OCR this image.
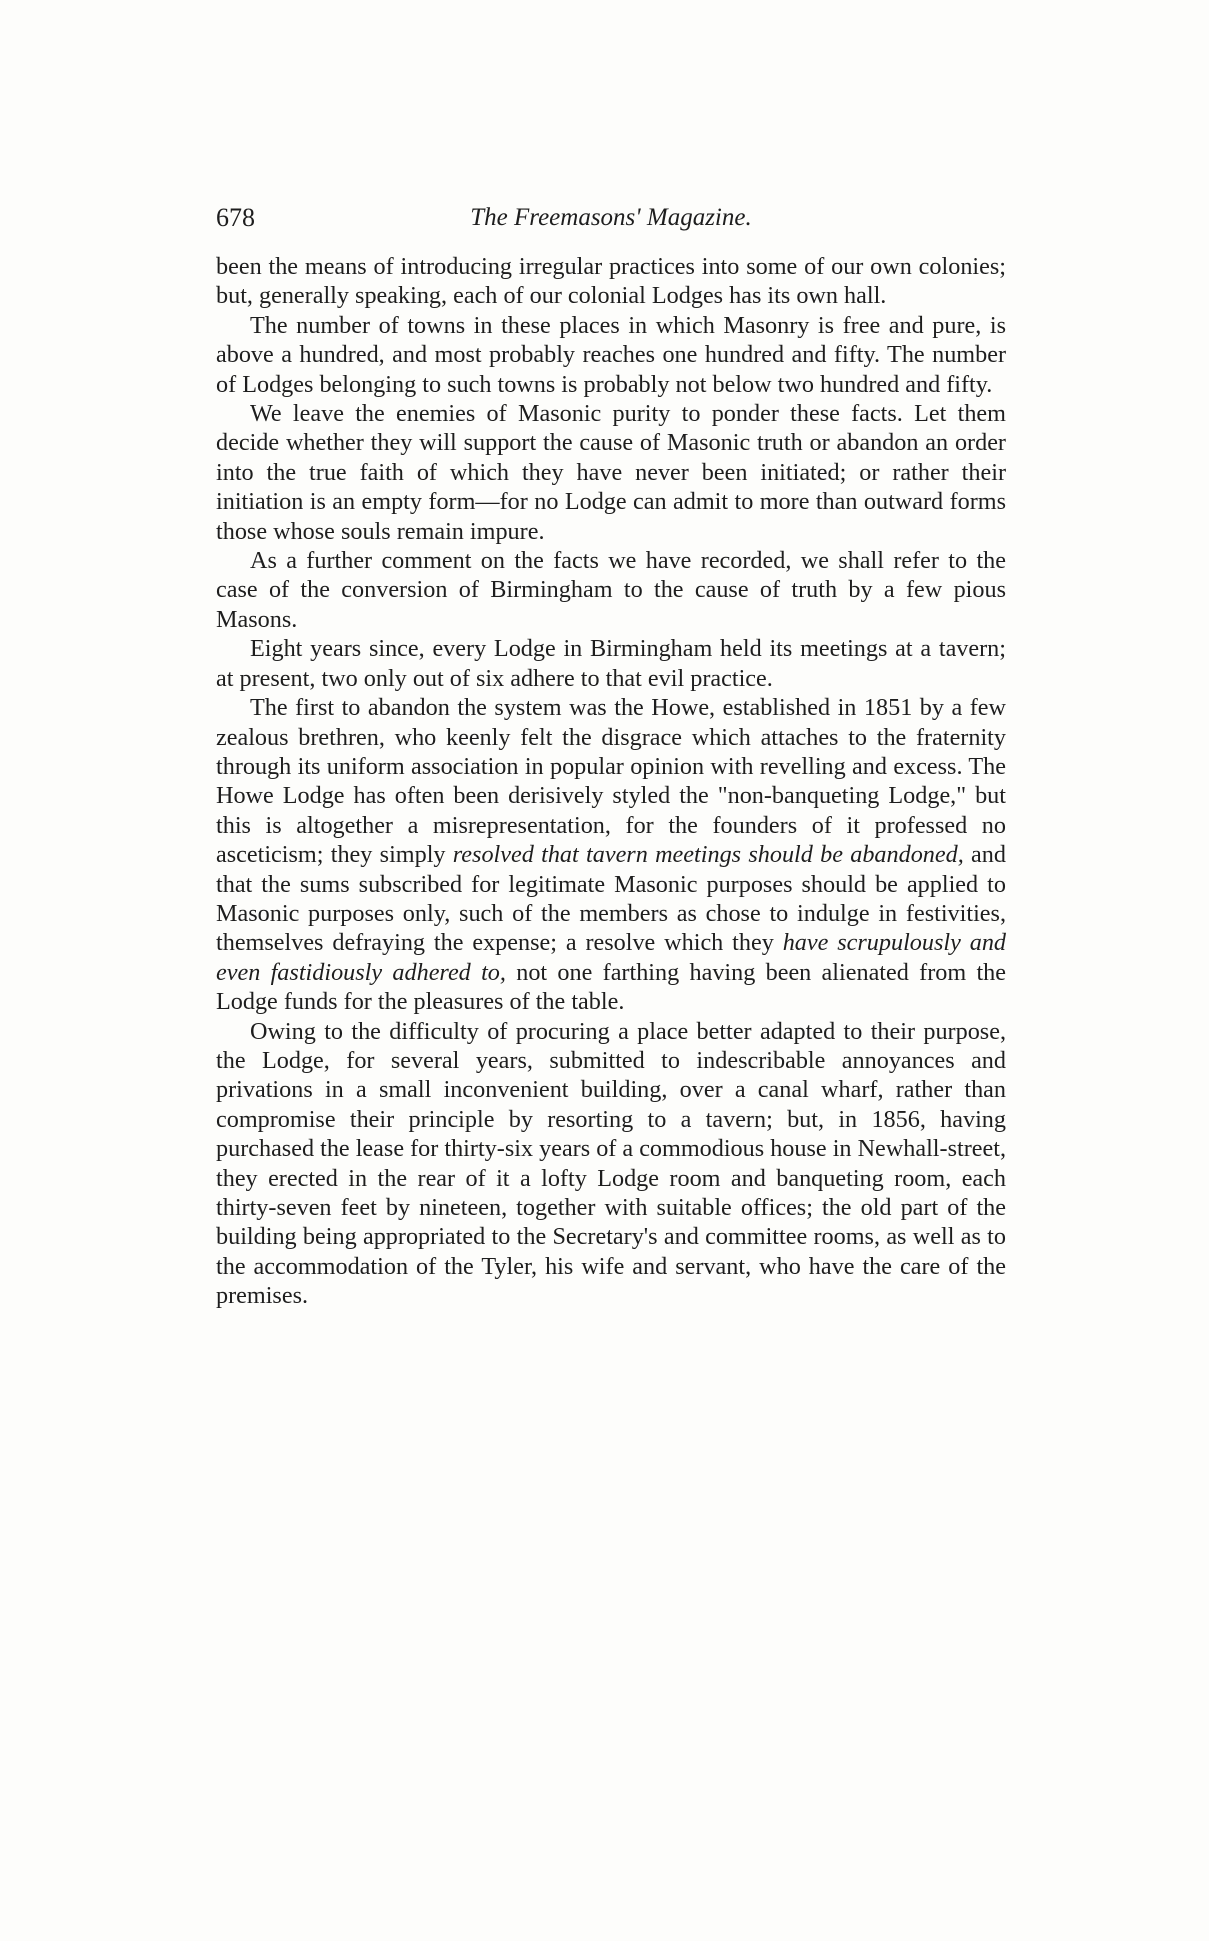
678	The Freemasons' Magazine.

been the means of introducing irregular practices into some of our own colonies; but, generally speaking, each of our colonial Lodges has its own hall.

The number of towns in these places in which Masonry is free and pure, is above a hundred, and most probably reaches one hundred and fifty. The number of Lodges belonging to such towns is probably not below two hundred and fifty.

We leave the enemies of Masonic purity to ponder these facts. Let them decide whether they will support the cause of Masonic truth or abandon an order into the true faith of which they have never been initiated; or rather their initiation is an empty form—for no Lodge can admit to more than outward forms those whose souls remain impure.

As a further comment on the facts we have recorded, we shall refer to the case of the conversion of Birmingham to the cause of truth by a few pious Masons.

Eight years since, every Lodge in Birmingham held its meetings at a tavern; at present, two only out of six adhere to that evil practice.

The first to abandon the system was the Howe, established in 1851 by a few zealous brethren, who keenly felt the disgrace which attaches to the fraternity through its uniform association in popular opinion with revelling and excess. The Howe Lodge has often been derisively styled the "non-banqueting Lodge," but this is altogether a misrepresentation, for the founders of it professed no asceticism; they simply resolved that tavern meetings should be abandoned, and that the sums subscribed for legitimate Masonic purposes should be applied to Masonic purposes only, such of the members as chose to indulge in festivities, themselves defraying the expense; a resolve which they have scrupulously and even fastidiously adhered to, not one farthing having been alienated from the Lodge funds for the pleasures of the table.

Owing to the difficulty of procuring a place better adapted to their purpose, the Lodge, for several years, submitted to indescribable annoyances and privations in a small inconvenient building, over a canal wharf, rather than compromise their principle by resorting to a tavern; but, in 1856, having purchased the lease for thirty-six years of a commodious house in Newhall-street, they erected in the rear of it a lofty Lodge room and banqueting room, each thirty-seven feet by nineteen, together with suitable offices; the old part of the building being appropriated to the Secretary's and committee rooms, as well as to the accommodation of the Tyler, his wife and servant, who have the care of the premises.
